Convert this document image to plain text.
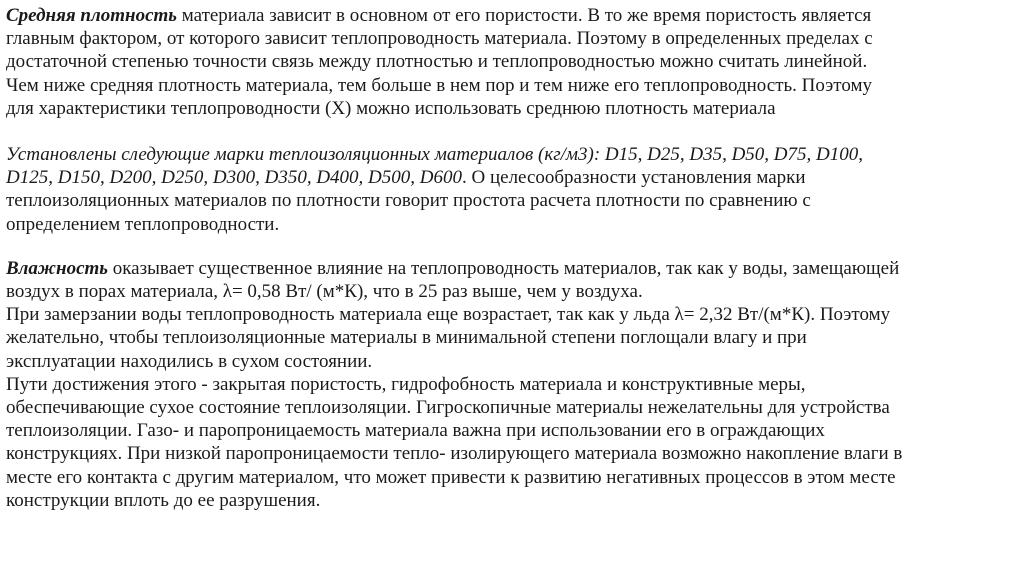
Средняя плотность материала зависит в основном от его пористости. В то же время пористость является
главным фактором, от которого зависит теплопроводность материала. Поэтому в определенных пределах с
достаточной степенью точности связь между плотностью и теплопроводностью можно считать линейной.
Чем ниже средняя плотность материала, тем больше в нем пор и тем ниже его теплопроводность. Поэтому
для характеристики теплопроводности (Х) можно использовать среднюю плотность материала

Установлены следующие марки теплоизоляционных материалов (кг/м3): D15, D25, D35, D50, D75, D100,
D125, D150, D200, D250, D300, D350, D400, D500, D600. О целесообразности установления марки
теплоизоляционных материалов по плотности говорит простота расчета плотности по сравнению с
определением теплопроводности.

Влажность оказывает существенное влияние на теплопроводность материалов, так как у воды, замещающей
воздух в порах материала, λ= 0,58 Вт/ (м*К), что в 25 раз выше, чем у воздуха.
При замерзании воды теплопроводность материала еще возрастает, так как у льда λ= 2,32 Вт/(м*К). Поэтому
желательно, чтобы теплоизоляционные материалы в минимальной степени поглощали влагу и при
эксплуатации находились в сухом состоянии.
Пути достижения этого - закрытая пористость, гидрофобность материала и конструктивные меры,
обеспечивающие сухое состояние теплоизоляции. Гигроскопичные материалы нежелательны для устройства
теплоизоляции. Газо- и паропроницаемость материала важна при использовании его в ограждающих
конструкциях. При низкой паропроницаемости тепло- изолирующего материала возможно накопление влаги в
месте его контакта с другим материалом, что может привести к развитию негативных процессов в этом месте
конструкции вплоть до ее разрушения.
